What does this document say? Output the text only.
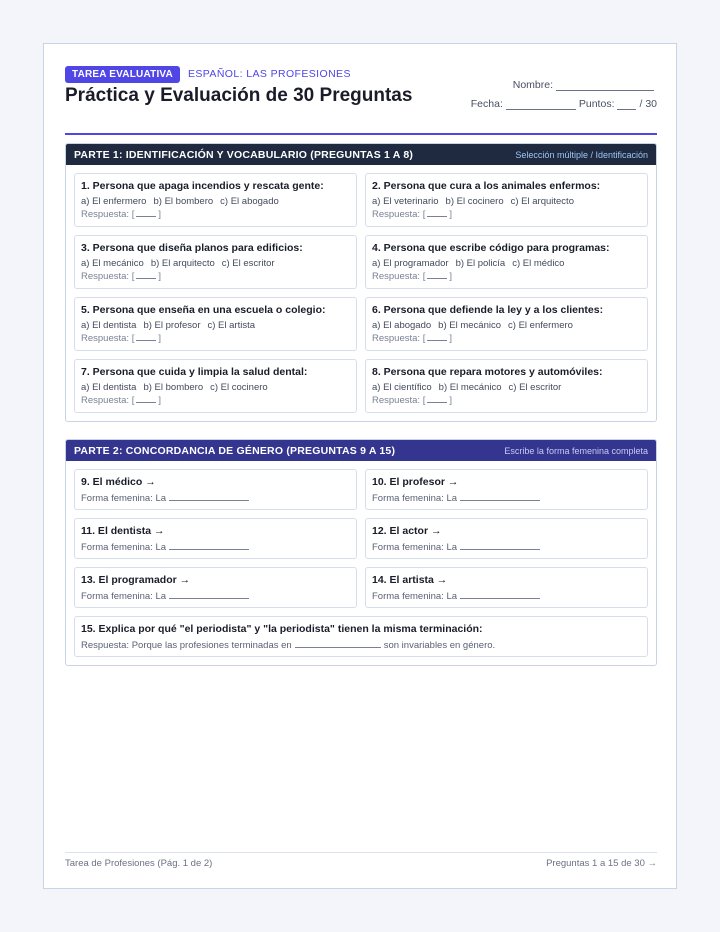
TAREA EVALUATIVA	ESPAÑOL: LAS PROFESIONES
Práctica y Evaluación de 30 Preguntas	Nombre:
Fecha:	Puntos: / 30
PARTE 1: IDENTIFICACIÓN Y VOCABULARIO (PREGUNTAS 1 A 8)	Selección múltiple / Identificación
1. Persona que apaga incendios y rescata gente:
a) El enfermero b) El bombero c) El abogado
Respuesta: [	]
2. Persona que cura a los animales enfermos:
a) El veterinario b) El cocinero c) El arquitecto
Respuesta: [	]
3. Persona que diseña planos para edificios:
a) El mecánico b) El arquitecto c) El escritor
Respuesta: [	]
4. Persona que escribe código para programas:
a) El programador b) El policía c) El médico
Respuesta: [	]
5. Persona que enseña en una escuela o colegio:
a) El dentista b) El profesor c) El artista
Respuesta: [	]
6. Persona que defiende la ley y a los clientes:
a) El abogado b) El mecánico c) El enfermero
Respuesta: [	]
7. Persona que cuida y limpia la salud dental:
a) El dentista b) El bombero c) El cocinero
Respuesta: [	]
8. Persona que repara motores y automóviles:
a) El científico b) El mecánico c) El escritor
Respuesta: [	]
PARTE 2: CONCORDANCIA DE GÉNERO (PREGUNTAS 9 A 15)	Escribe la forma femenina completa
9. El médico →
Forma femenina: La
10. El profesor →
Forma femenina: La
11. El dentista →
Forma femenina: La
12. El actor →
Forma femenina: La
13. El programador →
Forma femenina: La
14. El artista →
Forma femenina: La
15. Explica por qué "el periodista" y "la periodista" tienen la misma terminación:
Respuesta: Porque las profesiones terminadas en	son invariables en género.
Tarea de Profesiones (Pág. 1 de 2)	Preguntas 1 a 15 de 30 →
